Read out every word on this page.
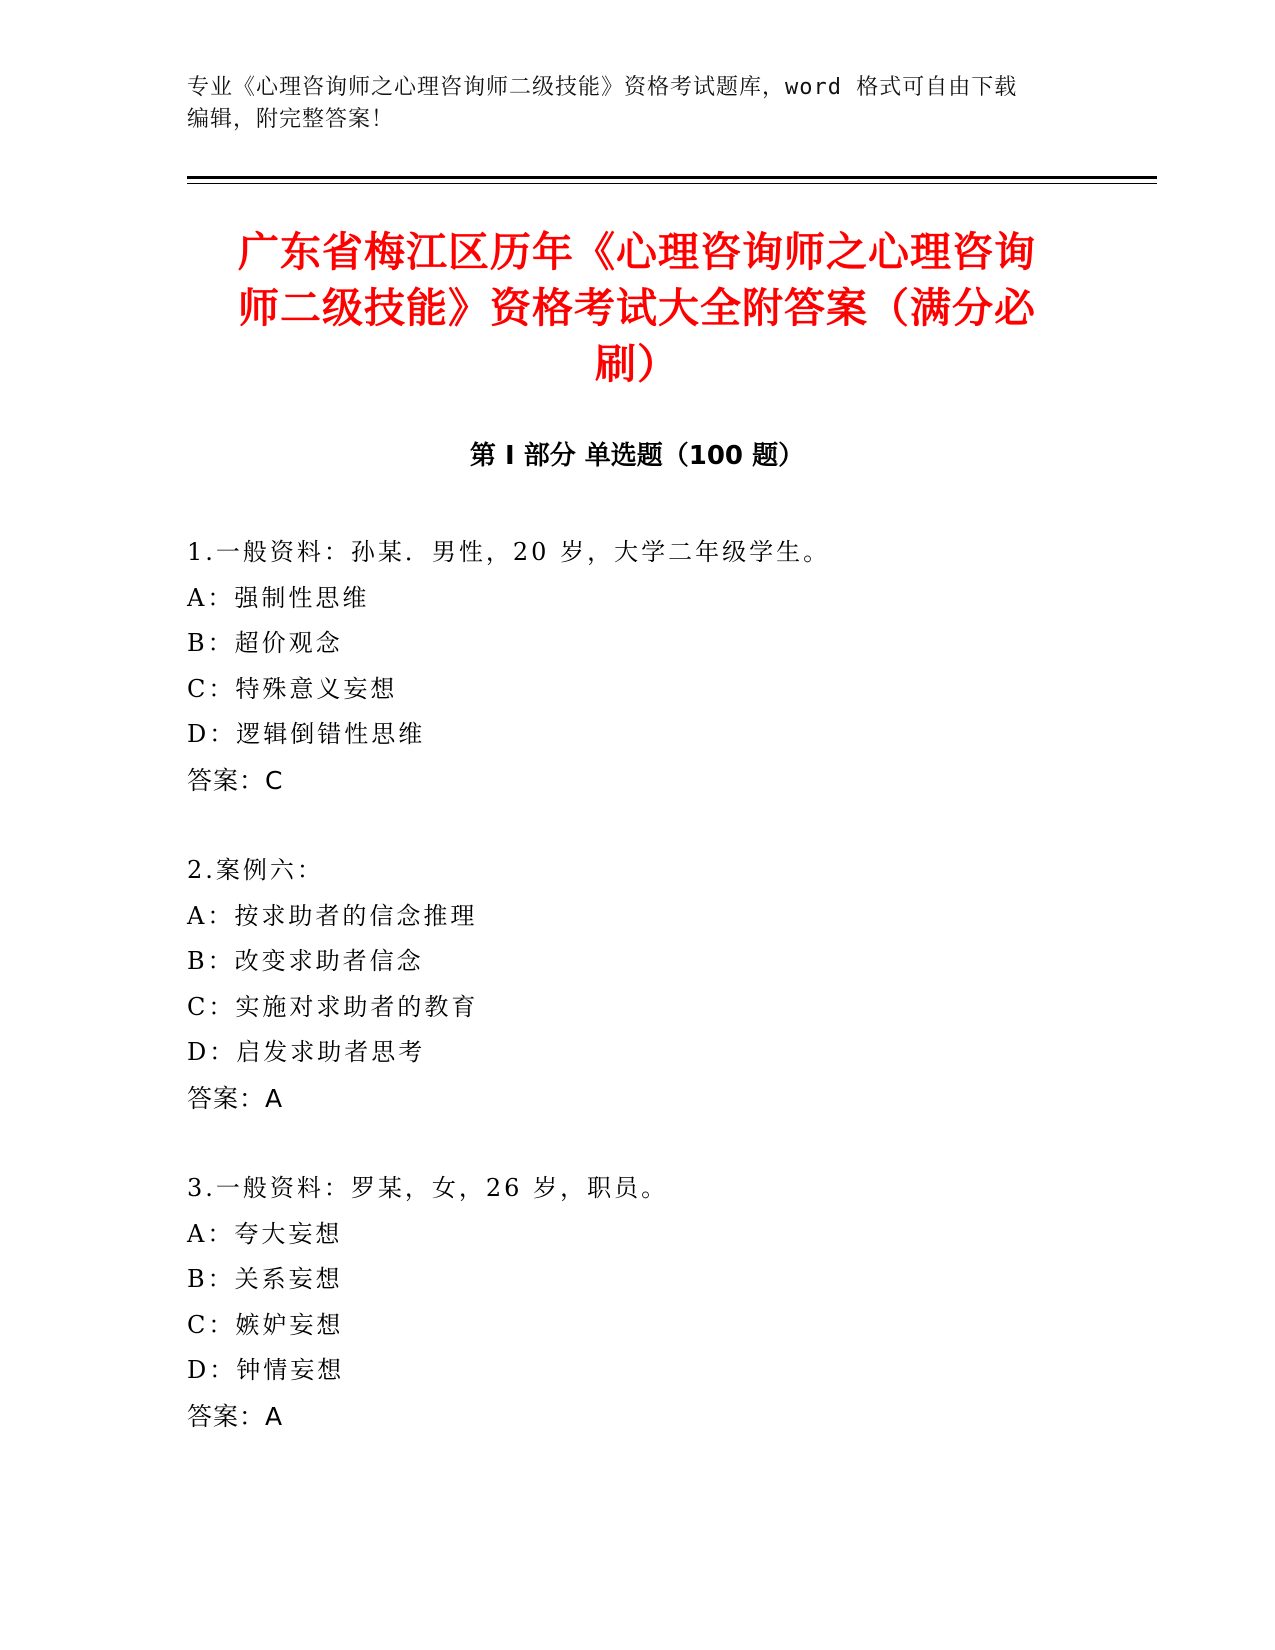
专业《心理咨询师之心理咨询师二级技能》资格考试题库，word 格式可自由下载
编辑，附完整答案！
广东省梅江区历年《心理咨询师之心理咨询
师二级技能》资格考试大全附答案（满分必
刷）
第 I 部分 单选题（100 题）
1.一般资料：孙某．男性，20 岁，大学二年级学生。
A：强制性思维
B：超价观念
C：特殊意义妄想
D：逻辑倒错性思维
答案：C
2.案例六：
A：按求助者的信念推理
B：改变求助者信念
C：实施对求助者的教育
D：启发求助者思考
答案：A
3.一般资料：罗某，女，26 岁，职员。
A：夸大妄想
B：关系妄想
C：嫉妒妄想
D：钟情妄想
答案：A
